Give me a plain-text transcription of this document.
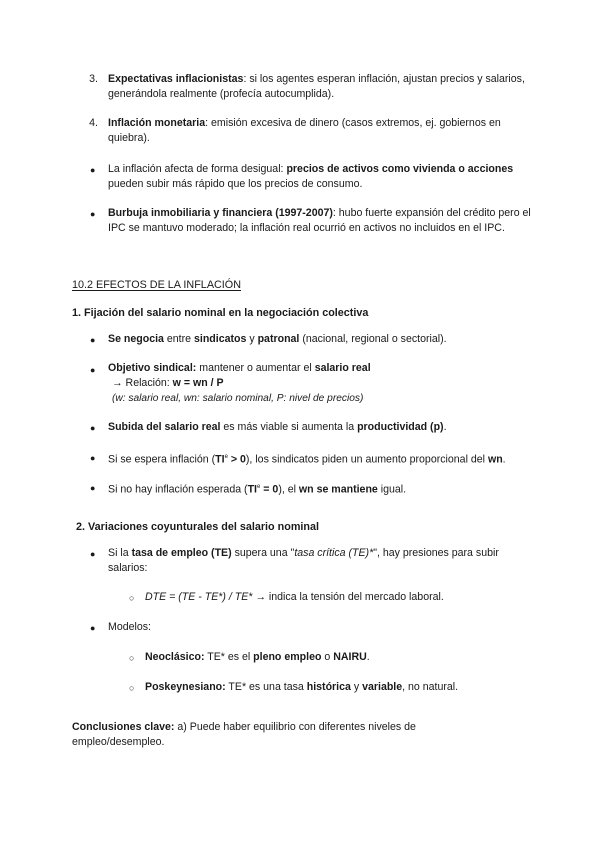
3. Expectativas inflacionistas: si los agentes esperan inflación, ajustan precios y salarios, generándola realmente (profecía autocumplida).
4. Inflación monetaria: emisión excesiva de dinero (casos extremos, ej. gobiernos en quiebra).
● La inflación afecta de forma desigual: precios de activos como vivienda o acciones pueden subir más rápido que los precios de consumo.
● Burbuja inmobiliaria y financiera (1997-2007): hubo fuerte expansión del crédito pero el IPC se mantuvo moderado; la inflación real ocurrió en activos no incluidos en el IPC.
10.2 EFECTOS DE LA INFLACIÓN
1. Fijación del salario nominal en la negociación colectiva
● Se negocia entre sindicatos y patronal (nacional, regional o sectorial).
● Objetivo sindical: mantener o aumentar el salario real
→ Relación: w = wn / P
(w: salario real, wn: salario nominal, P: nivel de precios)
● Subida del salario real es más viable si aumenta la productividad (p).
● Si se espera inflación $(TI^e > 0)$, los sindicatos piden un aumento proporcional del wn.
● Si no hay inflación esperada $(TI^e = 0)$, el wn se mantiene igual.
2. Variaciones coyunturales del salario nominal
● Si la tasa de empleo (TE) supera una "tasa crítica (TE)*", hay presiones para subir salarios:
○ DTE = (TE - TE*) / TE* → indica la tensión del mercado laboral.
● Modelos:
○ Neoclásico: TE* es el pleno empleo o NAIRU.
○ Poskeynesiano: TE* es una tasa histórica y variable, no natural.
Conclusiones clave: a) Puede haber equilibrio con diferentes niveles de empleo/desempleo.
